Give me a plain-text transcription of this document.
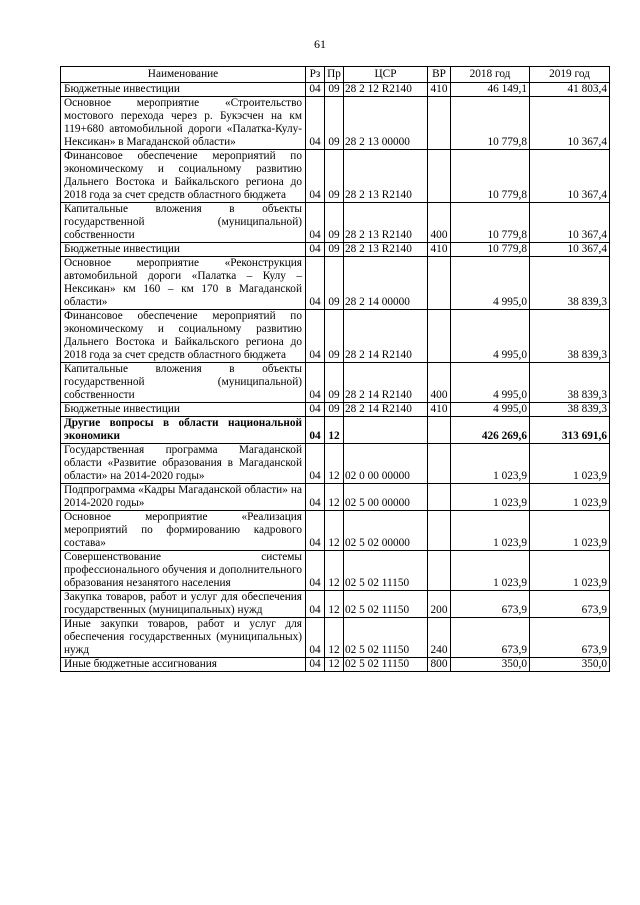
61
Наименование	Рз	Пр	ЦСР	ВР	2018 год	2019 год
Бюджетные инвестиции	04	09	28 2 12 R2140	410	46 149,1	41 803,4
Основное мероприятие «Строительство мостового перехода через р. Букэсчен на км 119+680 автомобильной дороги «Палатка-Кулу-Нексикан» в Магаданской области»	04	09	28 2 13 00000		10 779,8	10 367,4
Финансовое обеспечение мероприятий по экономическому и социальному развитию Дальнего Востока и Байкальского региона до 2018 года за счет средств областного бюджета	04	09	28 2 13 R2140		10 779,8	10 367,4
Капитальные вложения в объекты государственной (муниципальной) собственности	04	09	28 2 13 R2140	400	10 779,8	10 367,4
Бюджетные инвестиции	04	09	28 2 13 R2140	410	10 779,8	10 367,4
Основное мероприятие «Реконструкция автомобильной дороги «Палатка – Кулу – Нексикан» км 160 – км 170 в Магаданской области»	04	09	28 2 14 00000		4 995,0	38 839,3
Финансовое обеспечение мероприятий по экономическому и социальному развитию Дальнего Востока и Байкальского региона до 2018 года за счет средств областного бюджета	04	09	28 2 14 R2140		4 995,0	38 839,3
Капитальные вложения в объекты государственной (муниципальной) собственности	04	09	28 2 14 R2140	400	4 995,0	38 839,3
Бюджетные инвестиции	04	09	28 2 14 R2140	410	4 995,0	38 839,3
Другие вопросы в области национальной экономики	04	12			426 269,6	313 691,6
Государственная программа Магаданской области «Развитие образования в Магаданской области» на 2014-2020 годы»	04	12	02 0 00 00000		1 023,9	1 023,9
Подпрограмма «Кадры Магаданской области» на 2014-2020 годы»	04	12	02 5 00 00000		1 023,9	1 023,9
Основное мероприятие «Реализация мероприятий по формированию кадрового состава»	04	12	02 5 02 00000		1 023,9	1 023,9
Совершенствование системы профессионального обучения и дополнительного образования незанятого населения	04	12	02 5 02 11150		1 023,9	1 023,9
Закупка товаров, работ и услуг для обеспечения государственных (муниципальных) нужд	04	12	02 5 02 11150	200	673,9	673,9
Иные закупки товаров, работ и услуг для обеспечения государственных (муниципальных) нужд	04	12	02 5 02 11150	240	673,9	673,9
Иные бюджетные ассигнования	04	12	02 5 02 11150	800	350,0	350,0
